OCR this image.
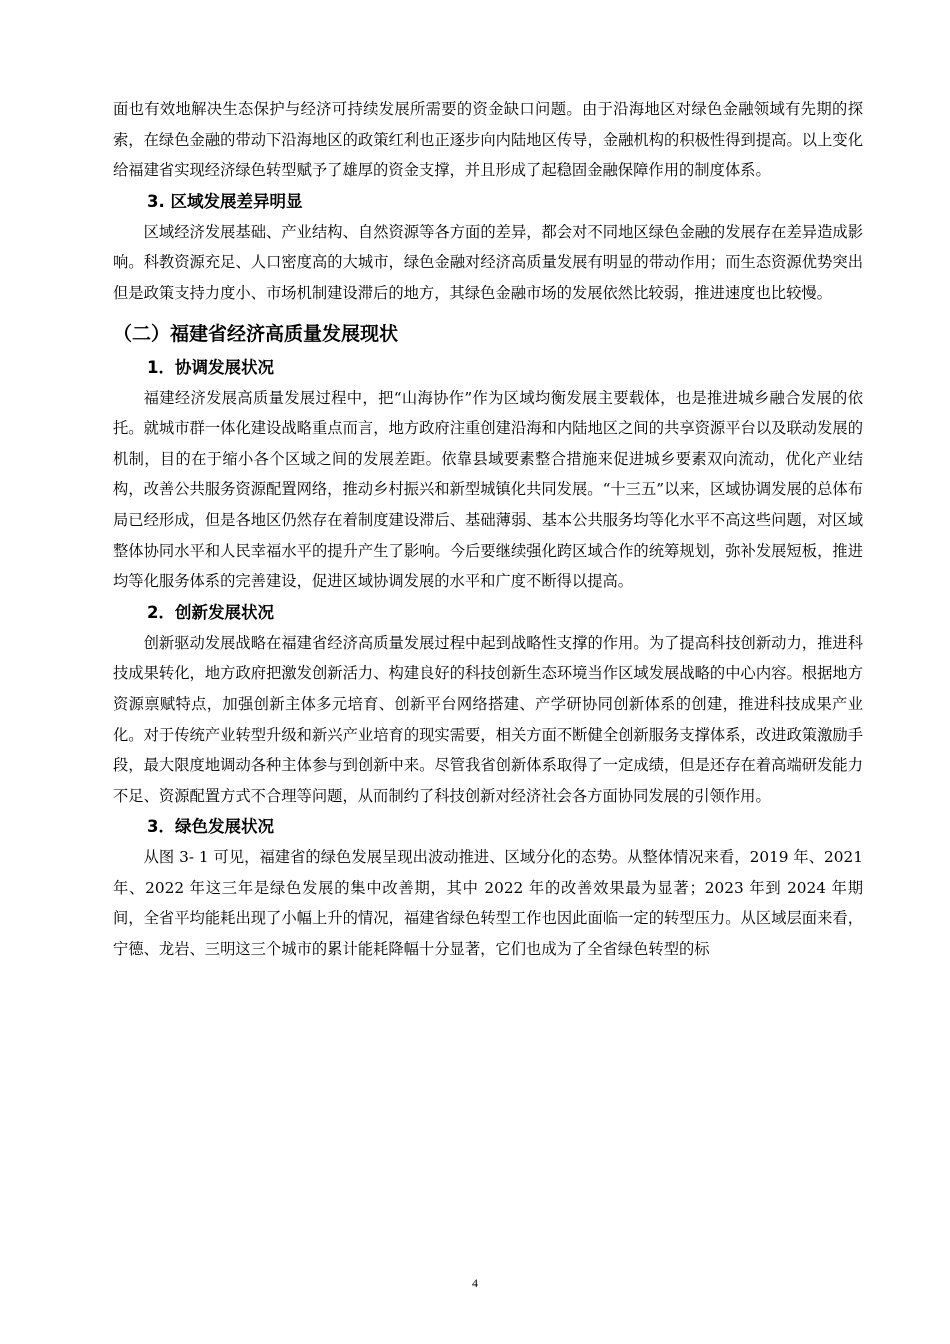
面也有效地解决生态保护与经济可持续发展所需要的资金缺口问题。由于沿海地区对绿色金融领域有先期的探索，在绿色金融的带动下沿海地区的政策红利也正逐步向内陆地区传导，金融机构的积极性得到提高。以上变化给福建省实现经济绿色转型赋予了雄厚的资金支撑，并且形成了起稳固金融保障作用的制度体系。

3. 区域发展差异明显

区域经济发展基础、产业结构、自然资源等各方面的差异，都会对不同地区绿色金融的发展存在差异造成影响。科教资源充足、人口密度高的大城市，绿色金融对经济高质量发展有明显的带动作用；而生态资源优势突出但是政策支持力度小、市场机制建设滞后的地方，其绿色金融市场的发展依然比较弱，推进速度也比较慢。

（二）福建省经济高质量发展现状
1．协调发展状况

福建经济发展高质量发展过程中，把“山海协作”作为区域均衡发展主要载体，也是推进城乡融合发展的依托。就城市群一体化建设战略重点而言，地方政府注重创建沿海和内陆地区之间的共享资源平台以及联动发展的机制，目的在于缩小各个区域之间的发展差距。依靠县域要素整合措施来促进城乡要素双向流动，优化产业结构，改善公共服务资源配置网络，推动乡村振兴和新型城镇化共同发展。“十三五”以来，区域协调发展的总体布局已经形成，但是各地区仍然存在着制度建设滞后、基础薄弱、基本公共服务均等化水平不高这些问题，对区域整体协同水平和人民幸福水平的提升产生了影响。今后要继续强化跨区域合作的统筹规划，弥补发展短板，推进均等化服务体系的完善建设，促进区域协调发展的水平和广度不断得以提高。

2．创新发展状况

创新驱动发展战略在福建省经济高质量发展过程中起到战略性支撑的作用。为了提高科技创新动力，推进科技成果转化，地方政府把激发创新活力、构建良好的科技创新生态环境当作区域发展战略的中心内容。根据地方资源禀赋特点，加强创新主体多元培育、创新平台网络搭建、产学研协同创新体系的创建，推进科技成果产业化。对于传统产业转型升级和新兴产业培育的现实需要，相关方面不断健全创新服务支撑体系，改进政策激励手段，最大限度地调动各种主体参与到创新中来。尽管我省创新体系取得了一定成绩，但是还存在着高端研发能力不足、资源配置方式不合理等问题，从而制约了科技创新对经济社会各方面协同发展的引领作用。

3．绿色发展状况

从图 3- 1 可见，福建省的绿色发展呈现出波动推进、区域分化的态势。从整体情况来看，2019 年、2021 年、2022 年这三年是绿色发展的集中改善期，其中 2022 年的改善效果最为显著；2023 年到 2024 年期间，全省平均能耗出现了小幅上升的情况，福建省绿色转型工作也因此面临一定的转型压力。从区域层面来看，宁德、龙岩、三明这三个城市的累计能耗降幅十分显著，它们也成为了全省绿色转型的标

4
